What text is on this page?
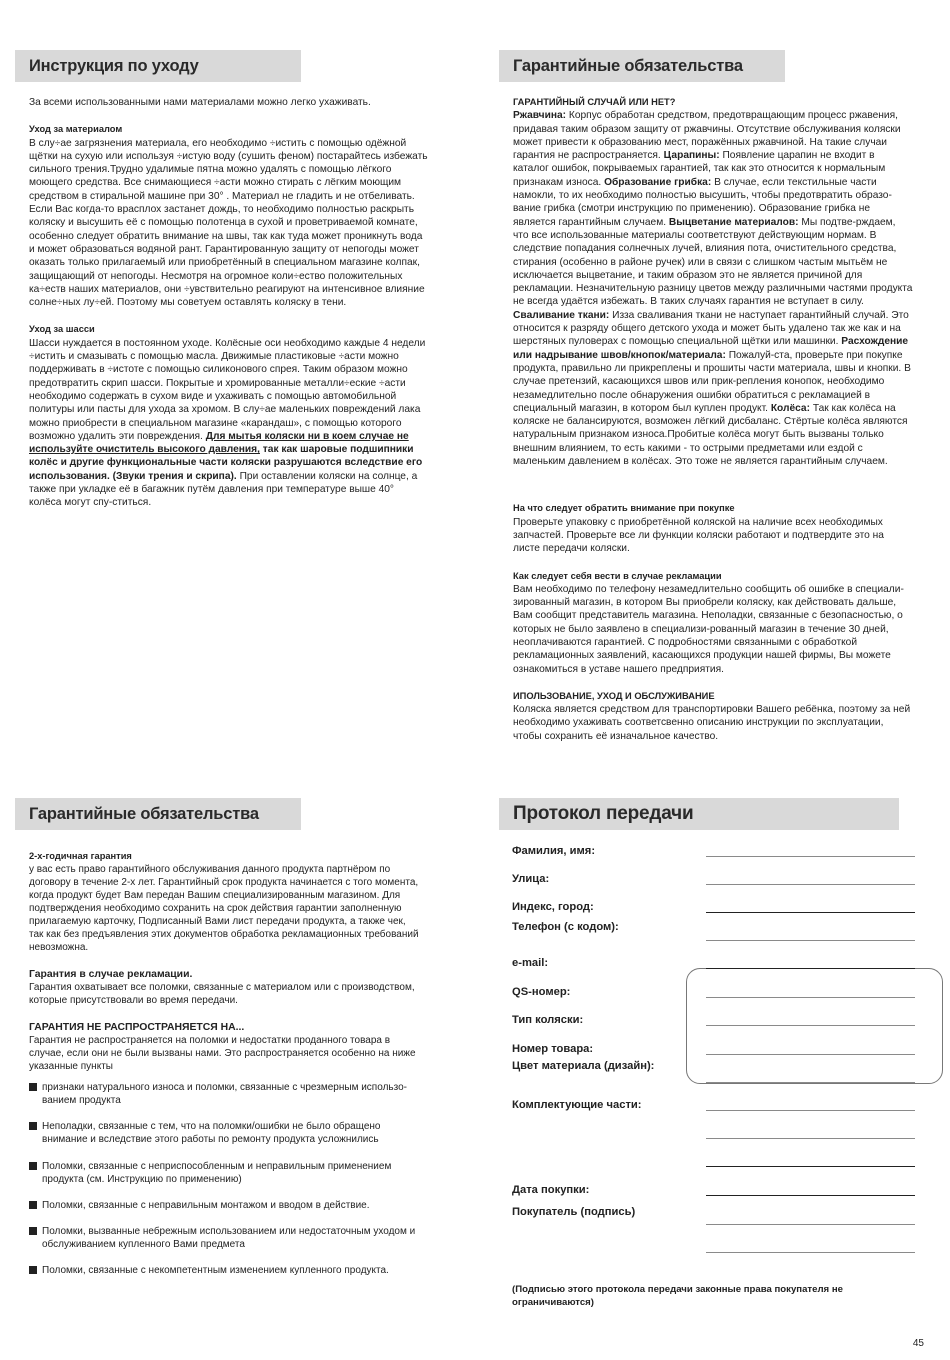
Инструкция по уходу

За всеми использованными нами материалами можно легко ухаживать.

Уход за материалом

В слу÷ае загрязнения материала, его необходимо ÷истить с помощью одёжной щётки на сухую или используя ÷истую воду (сушить феном) постарайтесь избежать сильного трения.Трудно удалимые пятна можно удалять с помощью лёгкого моющего средства. Все снимающиеся ÷асти можно стирать с лёгким моющим средством в стиральной машине при 30° . Материал не гладить и не отбеливать. Если Вас когда-то врасплох застанет дождь, то необходимо полностью раскрыть коляску и высушить её с помощью полотенца в сухой и проветриваемой комнате, особенно следует обратить внимание на швы, так как туда может проникнуть вода и может образоваться водяной рант. Гарантированную защиту от непогоды может оказать только прилагаемый или приобретённый в специальном магазине колпак, защищающий от непогоды. Несмотря на огромное коли÷ество положительных ка÷еств наших материалов, они ÷увствительно реагируют на интенсивное влияние солне÷ных лу÷ей. Поэтому мы советуем оставлять коляску в тени.

Уход за шасси

Шасси нуждается в постоянном уходе. Колёсные оси необходимо каждые 4 недели ÷истить и смазывать с помощью масла. Движимые пластиковые ÷асти можно поддерживать в ÷истоте с помощью силиконового спрея. Таким образом можно предотвратить скрип шасси. Покрытые и хромированные металли÷еские ÷асти необходимо содержать в сухом виде и ухаживать с помощью автомобильной политуры или пасты для ухода за хромом. В слу÷ае маленьких повреждений лака можно приобрести в специальном магазине «карандаш», с помощью которого возможно удалить эти повреждения. Для мытья коляски ни в коем случае не используйте очиститель высокого давления, так как шаровые подшипники колёс и другие функциональные части коляски разрушаются вследствие его использования. (Звуки трения и скрипа). При оставлении коляски на солнце, а также при укладке её в багажник путём давления при температуре выше 40° колёса могут спу-ститься.

Гарантийные обязательства

ГАРАНТИЙНЫЙ СЛУЧАЙ ИЛИ НЕТ?

Ржавчина: Корпус обработан средством, предотвращающим процесс ржавения, придавая таким образом защиту от ржавчины. Отсутствие обслуживания коляски может привести к образованию мест, поражённых ржавчиной. На такие случаи гарантия не распространяется. Царапины: Появление царапин не входит в каталог ошибок, покрываемых гарантией, так как это относится к нормальным признакам износа. Образование грибка: В случае, если текстильные части намокли, то их необходимо полностью высушить, чтобы предотвратить образо-вание грибка (смотри инструкцию по применению). Образование грибка не является гарантийным случаем. Выцветание материалов: Мы подтве-рждаем, что все использованные материалы соответствуют действующим нормам. В следствие попадания солнечных лучей, влияния пота, очистительного средства, стирания (особенно в районе ручек) или в связи с слишком частым мытьём не исключается выцветание, и таким образом это не является причиной для рекламации. Незначительную разницу цветов между различными частями продукта не всегда удаётся избежать. В таких случаях гарантия не вступает в силу. Свaливание ткани: Изза свaливания ткани не наступает гарантийный случай. Это относится к разряду общего детского ухода и может быть удалено так же как и на шерстяных пуловерах с помощью специальной щётки или машинки. Расхождение или надрывание швов/кнопок/материала: Пожалуй-ста, проверьте при покупке продукта, правильно ли прикреплены и прошиты части материала, швы и кнопки. В случае претензий, касающихся швов или прик-репления конопок, необходимо незамедлительно после обнаружения ошибки обратиться с рекламацией в специальный магазин, в котором был куплен продукт. Колёса: Так как колёса на коляске не балансируются, возможен лёгкий дисбаланс. Стёртые колёса являются натуральным признаком износа.Пробитые колёса могут быть вызваны только внешним влиянием, то есть какими - то острыми предметами или ездой с маленьким давлением в колёсах. Это тоже не является гарантийным случаем.

На что следует обратить внимание при покупке

Проверьте упаковку с приобретённой коляской на наличие всех необходимых запчастей. Проверьте все ли функции коляски работают и подтвердите это на листе передачи коляски.

Как следует себя вести в случае рекламации

Вам необходимо по телефону незамедлительно сообщить об ошибке в специали-зированный магазин, в котором Вы приобрели коляску, как действовать дальше, Вам сообщит представитель магазина. Неполадки, связанные с безопасностью, о которых не было заявлено в специализи-рованный магазин в течение 30 дней, неоплачиваются гарантией. С подробностями связанными с обработкой рекламационных заявлений, касающихся продукции нашей фирмы, Вы можете ознакомиться в уставе нашего предприятия.

ИПОЛЬЗОВАНИЕ, УХОД И ОБСЛУЖИВАНИЕ

Коляска является средством для транспортировки Вашего ребёнка, поэтому за ней необходимо ухаживать соответсвенно описанию инструкции по эксплуатации, чтобы сохранить её изначальное качество.

Гарантийные обязательства

2-х-годичная гарантия

у вас есть право гарантийного обслуживания данного продукта партнёром по договору в течение 2-х лет. Гарантийный срок продукта начинается с того момента, когда продукт будет Вам передан Вашим специализированным магазином. Для подтверждения необходимо сохранить на срок действия гарантии заполненную прилагаемую карточку, Подписанный Вами лист передачи продукта, а также чек, так как без предъявления этих документов обработка рекламационных требований невозможна.

Гарантия в случае рекламации.

Гарантия охватывает все поломки, связанные с материалом или с производством, которые присутствовали во время передачи.

ГАРАНТИЯ НЕ РАСПРОСТРАНЯЕТСЯ НА...

Гарантия не распространяется на поломки и недостатки проданного товара в случае, если они не были вызваны нами. Это распространяется особенно на ниже указанные пункты

признаки натурального износа и поломки, связанные с чрезмерным использо-ванием продукта
Неполадки, связанные с тем, что на поломки/ошибки не было обращено внимание и вследствие этого работы по ремонту продукта усложнились
Поломки, связанные с неприспособленным и неправильным применением продукта (см. Инструкцию по применению)
Поломки, связанные с неправильным монтажом и вводом в действие.
Поломки, вызванные небрежным использованием или недостаточным уходом и обслуживанием купленного Вами предмета
Поломки, связанные с некомпетентным изменением купленного продукта.
Протокол передачи
Фамилия, имя:
Улица:
Индекс, город:
Телефон (с кодом):
e-mail:
QS-номер:
Тип коляски:
Номер товара:
Цвет материала (дизайн):
Комплектующие части:
Дата покупки:
Покупатель (подпись)
(Подписью этого протокола передачи законные права покупателя не ограничиваются)
45
